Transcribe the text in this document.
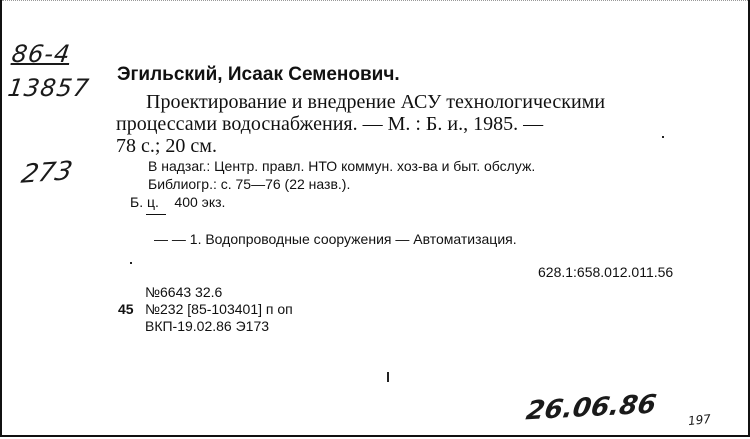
86-4
13857
273
Эгильский, Исаак Семенович.
Проектирование и внедрение АСУ технологическими
процессами водоснабжения. — М. : Б. и., 1985. —
78 с.; 20 см.
В надзаг.: Центр. правл. НТО коммун. хоз-ва и быт. обслуж.
Библиогр.: с. 75—76 (22 назв.).
Б. ц.    400 экз.
— — 1. Водопроводные сооружения — Автоматизация.
628.1:658.012.011.56
№6643 32.6
45 №232 [85-103401] п оп
ВКП-19.02.86 Э173
26.06.86 197
